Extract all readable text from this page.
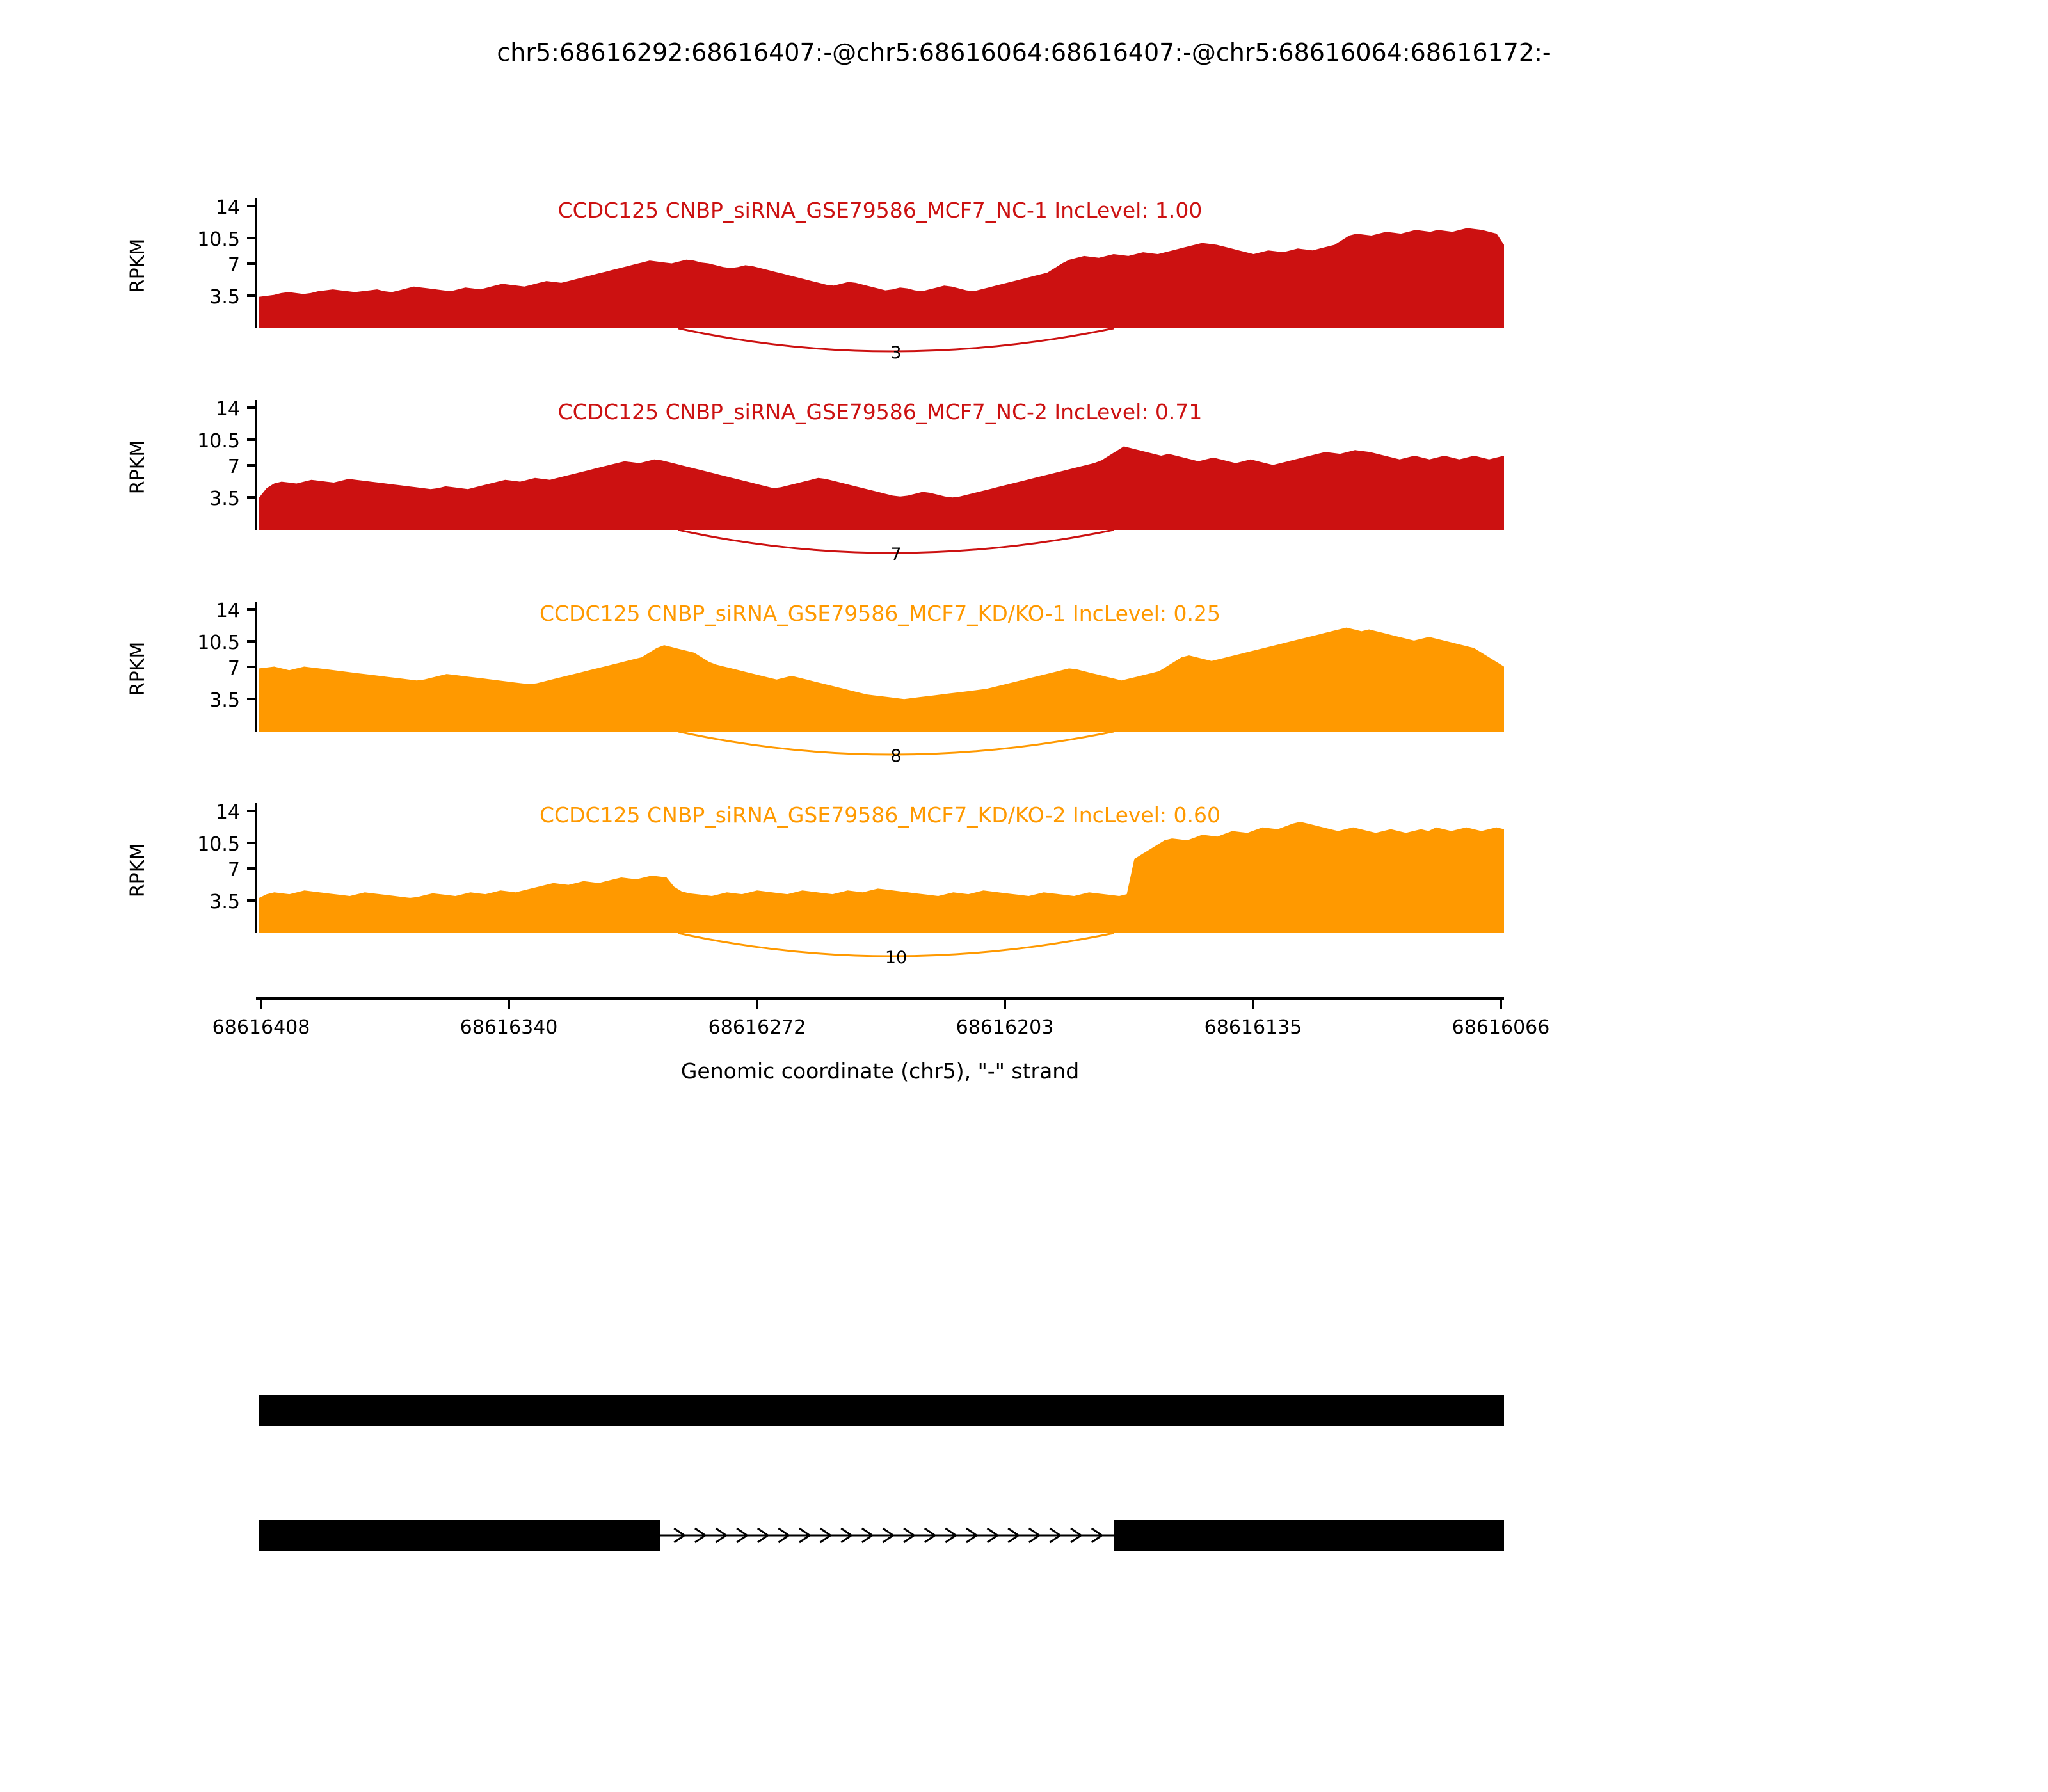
chr5:68616292:68616407:-@chr5:68616064:68616407:-@chr5:68616064:68616172:-
CCDC125 CNBP_siRNA_GSE79586_MCF7_NC-1 IncLevel: 1.00
14
10.5
7
3.5
RPKM
3
CCDC125 CNBP_siRNA_GSE79586_MCF7_NC-2 IncLevel: 0.71
14
10.5
7
3.5
RPKM
7
CCDC125 CNBP_siRNA_GSE79586_MCF7_KD/KO-1 IncLevel: 0.25
14
10.5
7
3.5
RPKM
8
CCDC125 CNBP_siRNA_GSE79586_MCF7_KD/KO-2 IncLevel: 0.60
14
10.5
7
3.5
RPKM
10
68616408	68616340	68616272	68616203	68616135	68616066
Genomic coordinate (chr5), "-" strand
